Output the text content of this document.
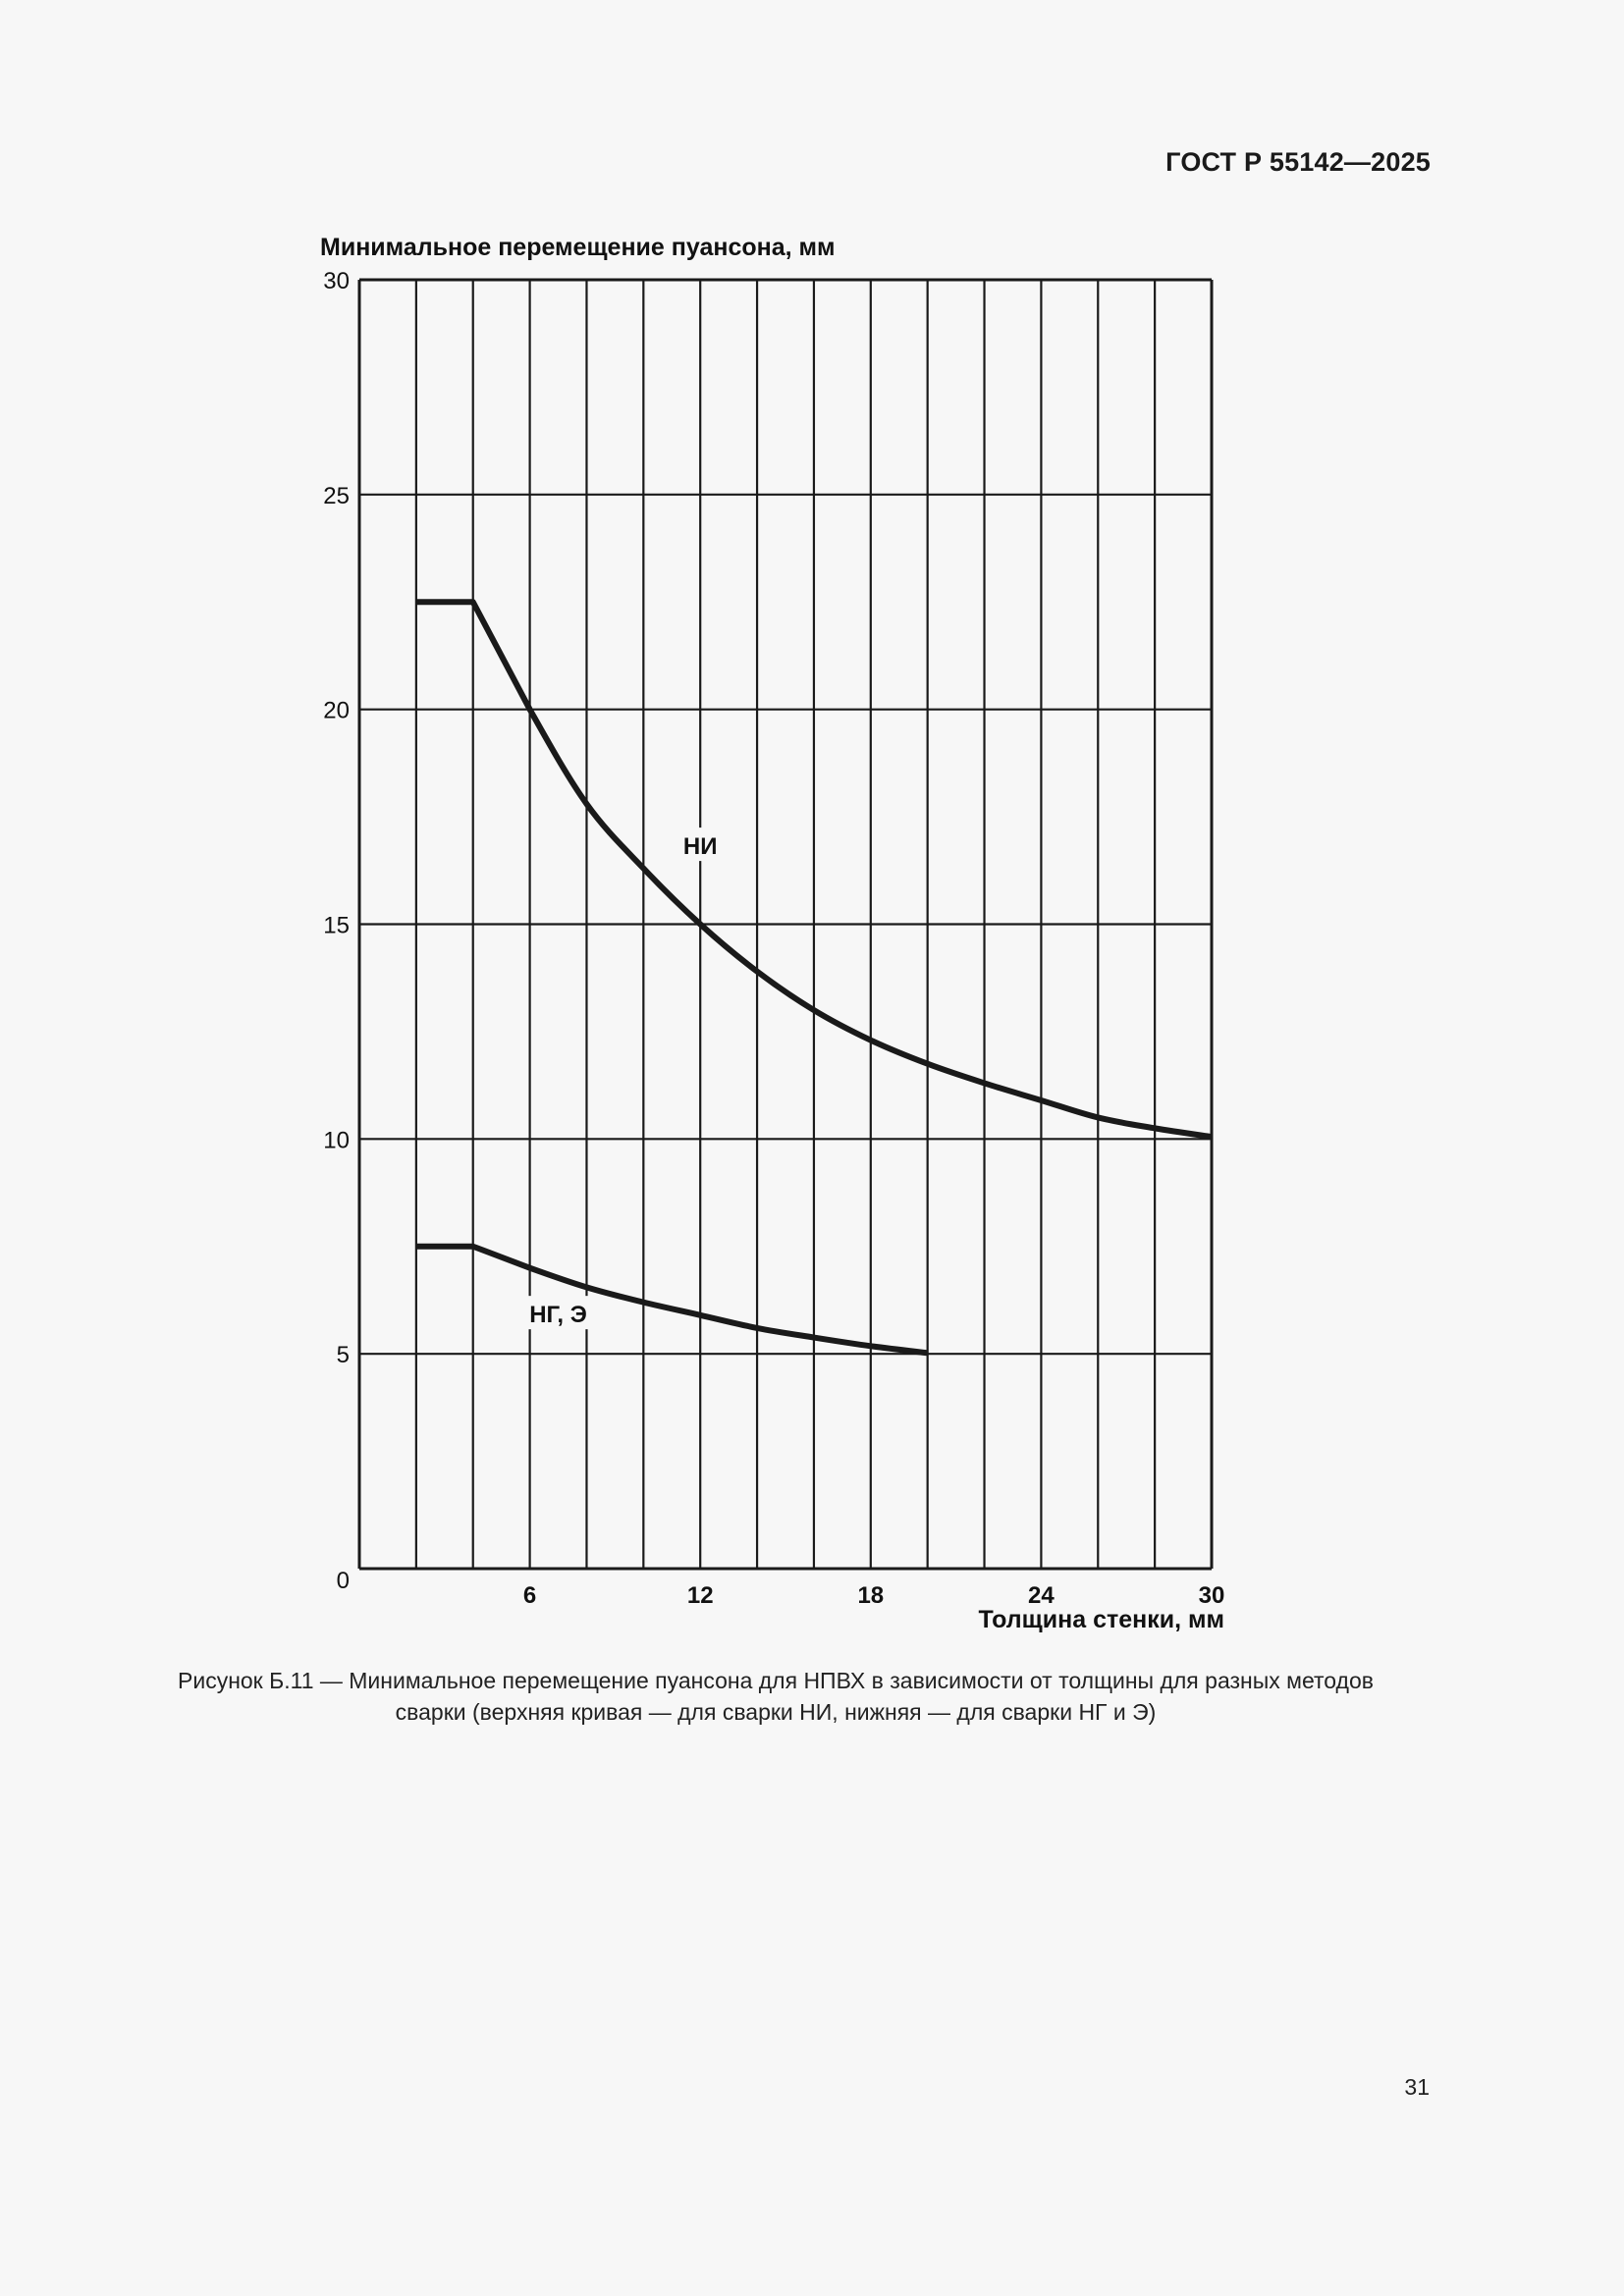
ГОСТ Р 55142—2025
0
5
10
15
20
25
30
6	12	18	24	30
НИ
НГ, Э
Минимальное перемещение пуансона, мм
Толщина стенки, мм
Рисунок Б.11 — Минимальное перемещение пуансона для НПВХ в зависимости от толщины для разных методов
сварки (верхняя кривая — для сварки НИ, нижняя — для сварки НГ и Э)
31
